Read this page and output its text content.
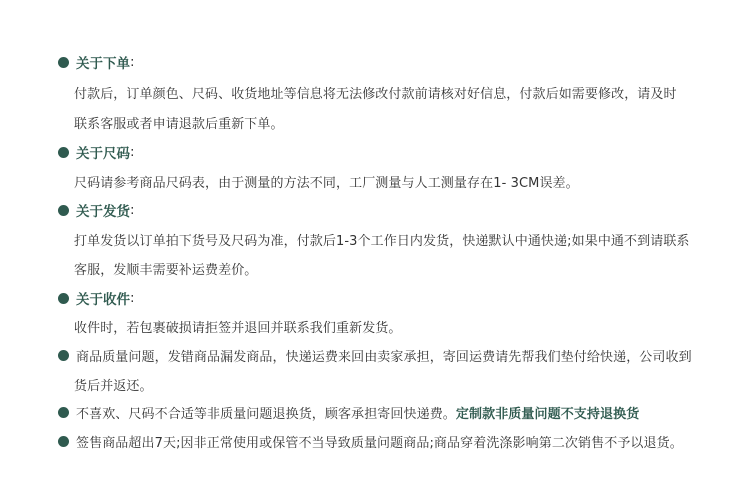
关于下单 :
付款后，订单颜色、尺码、收货地址等信息将无法修改付款前请核对好信息，付款后如需要修改，请及时
联系客服或者申请退款后重新下单。
关于尺码 :
尺码请参考商品尺码表，由于测量的方法不同，工厂测量与人工测量存在1- 3CM误差。
关于发货 :
打单发货以订单拍下货号及尺码为准，付款后1-3个工作日内发货，快递默认中通快递;如果中通不到请联系
客服，发顺丰需要补运费差价。
关于收件 :
收件时，若包裹破损请拒签并退回并联系我们重新发货。
商品质量问题，发错商品漏发商品，快递运费来回由卖家承担，寄回运费请先帮我们垫付给快递，公司收到
货后并返还。
不喜欢、尺码不合适等非质量问题退换货，顾客承担寄回快递费。 定制款非质量问题不支持退换货
签售商品超出7天;因非正常使用或保管不当导致质量问题商品;商品穿着洗涤影响第二次销售不予以退货。
